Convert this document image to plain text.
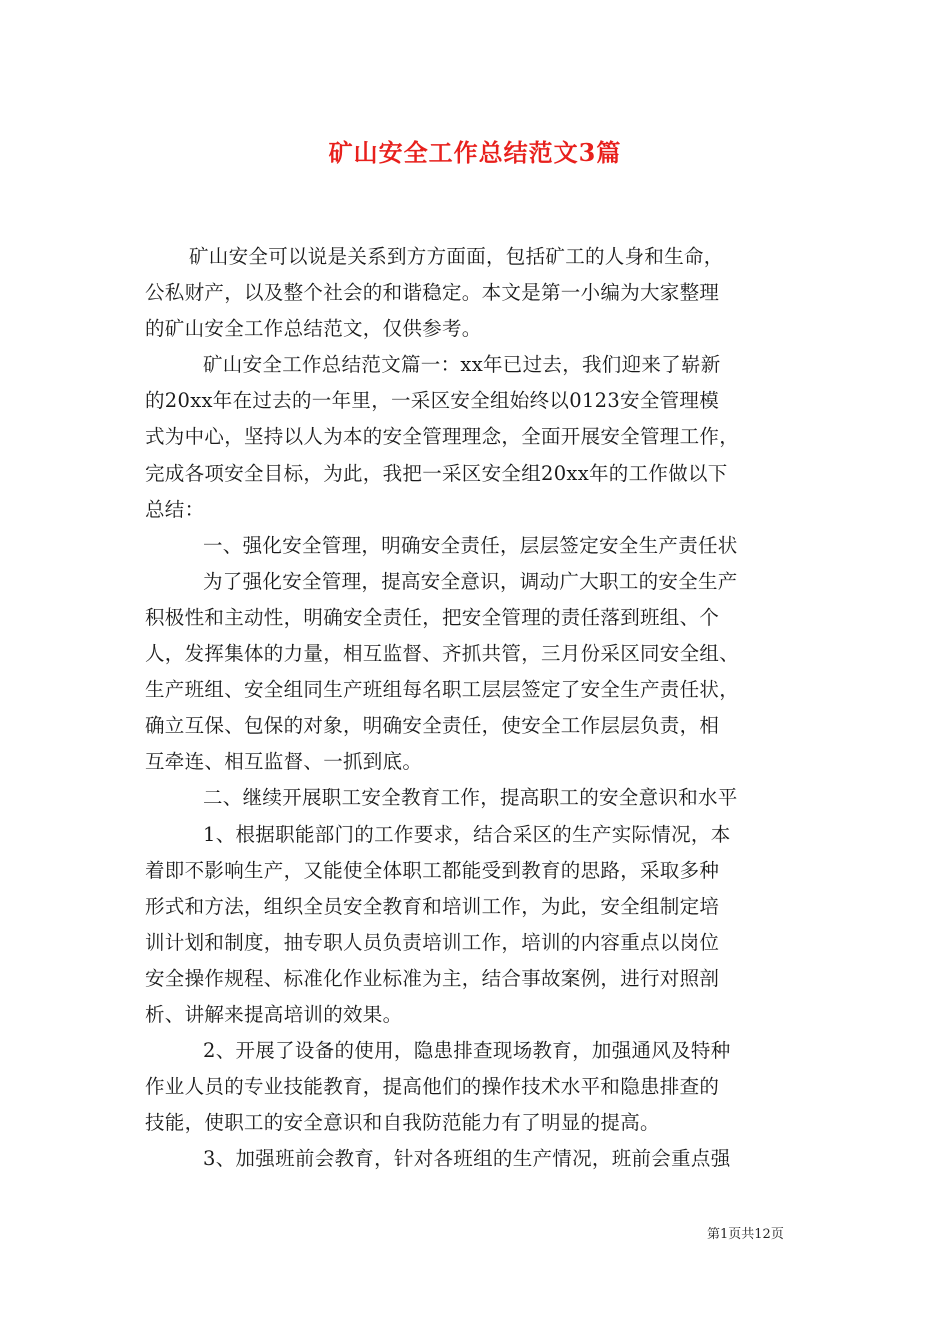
矿山安全工作总结范文3篇
矿山安全可以说是关系到方方面面，包括矿工的人身和生命，
公私财产，以及整个社会的和谐稳定。本文是第一小编为大家整理
的矿山安全工作总结范文，仅供参考。
矿山安全工作总结范文篇一：xx年已过去，我们迎来了崭新
的20xx年在过去的一年里，一采区安全组始终以0123安全管理模
式为中心，坚持以人为本的安全管理理念，全面开展安全管理工作，
完成各项安全目标，为此，我把一采区安全组20xx年的工作做以下
总结：
一、强化安全管理，明确安全责任，层层签定安全生产责任状
为了强化安全管理，提高安全意识，调动广大职工的安全生产
积极性和主动性，明确安全责任，把安全管理的责任落到班组、个
人，发挥集体的力量，相互监督、齐抓共管，三月份采区同安全组、
生产班组、安全组同生产班组每名职工层层签定了安全生产责任状，
确立互保、包保的对象，明确安全责任，使安全工作层层负责，相
互牵连、相互监督、一抓到底。
二、继续开展职工安全教育工作，提高职工的安全意识和水平
1、根据职能部门的工作要求，结合采区的生产实际情况，本
着即不影响生产，又能使全体职工都能受到教育的思路，采取多种
形式和方法，组织全员安全教育和培训工作，为此，安全组制定培
训计划和制度，抽专职人员负责培训工作，培训的内容重点以岗位
安全操作规程、标准化作业标准为主，结合事故案例，进行对照剖
析、讲解来提高培训的效果。
2、开展了设备的使用，隐患排查现场教育，加强通风及特种
作业人员的专业技能教育，提高他们的操作技术水平和隐患排查的
技能，使职工的安全意识和自我防范能力有了明显的提高。
3、加强班前会教育，针对各班组的生产情况，班前会重点强
第1页共12页
